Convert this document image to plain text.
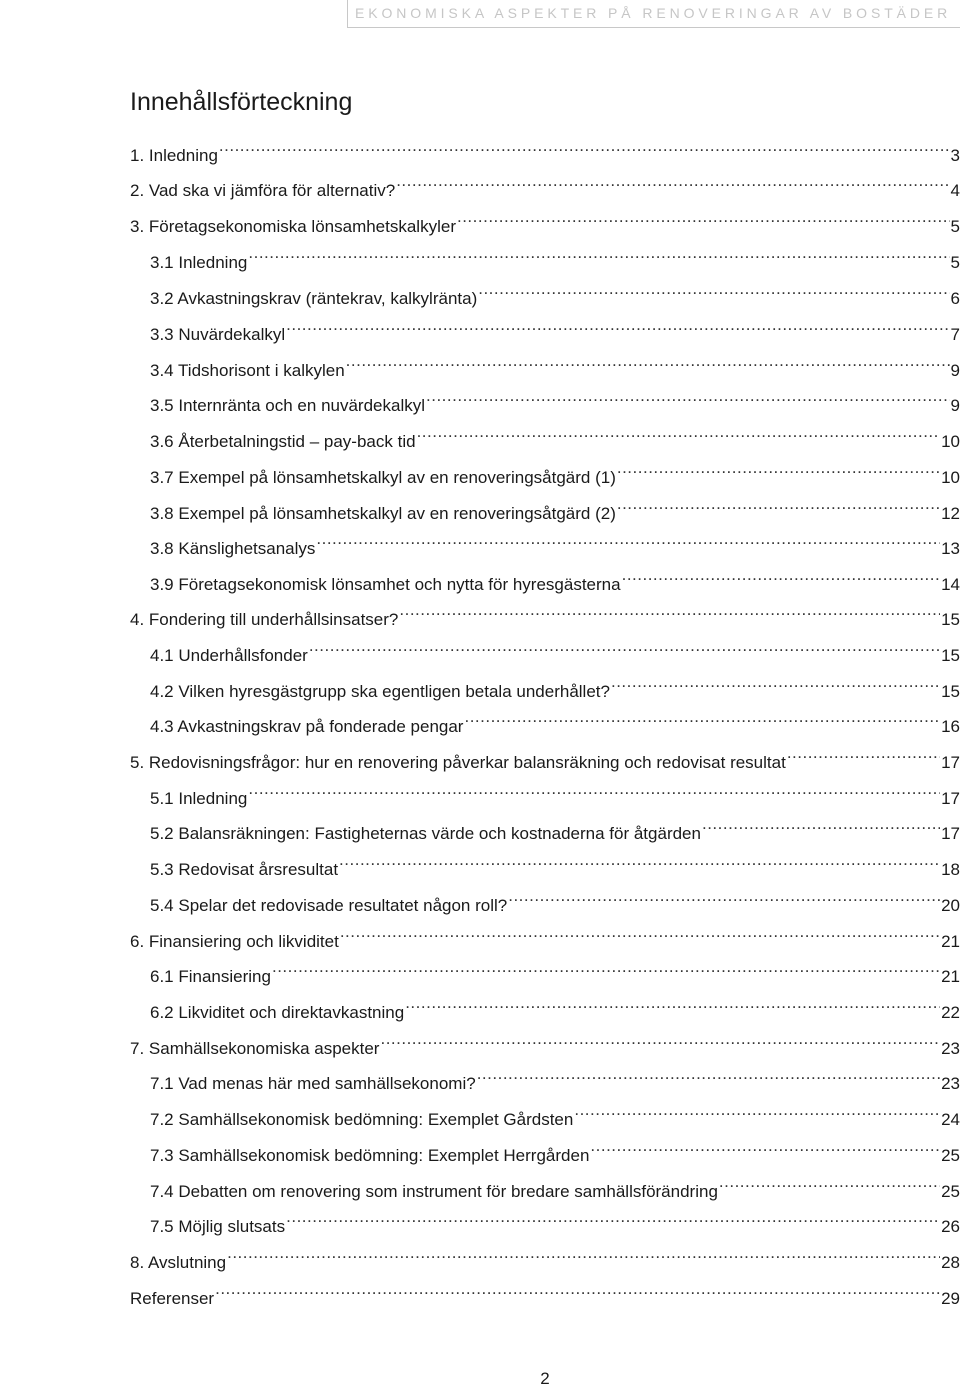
EKONOMISKA ASPEKTER PÅ RENOVERINGAR AV BOSTÄDER
Innehållsförteckning
1. Inledning .....	3
2. Vad ska vi jämföra för alternativ? .....	4
3. Företagsekonomiska lönsamhetskalkyler .....	5
3.1 Inledning .....	5
3.2 Avkastningskrav (räntekrav, kalkylränta) .....	6
3.3 Nuvärdekalkyl .....	7
3.4 Tidshorisont i kalkylen .....	9
3.5 Internränta och en nuvärdekalkyl .....	9
3.6 Återbetalningstid – pay-back tid .....	10
3.7 Exempel på lönsamhetskalkyl av en renoveringsåtgärd (1) .....	10
3.8 Exempel på lönsamhetskalkyl av en renoveringsåtgärd (2) .....	12
3.8 Känslighetsanalys .....	13
3.9 Företagsekonomisk lönsamhet och nytta för hyresgästerna .....	14
4. Fondering till underhållsinsatser? .....	15
4.1 Underhållsfonder .....	15
4.2 Vilken hyresgästgrupp ska egentligen betala underhållet? .....	15
4.3 Avkastningskrav på fonderade pengar .....	16
5. Redovisningsfrågor: hur en renovering påverkar balansräkning och redovisat resultat .....	17
5.1 Inledning .....	17
5.2 Balansräkningen: Fastigheternas värde och kostnaderna för åtgärden .....	17
5.3 Redovisat årsresultat .....	18
5.4 Spelar det redovisade resultatet någon roll? .....	20
6. Finansiering och likviditet .....	21
6.1 Finansiering .....	21
6.2 Likviditet och direktavkastning .....	22
7. Samhällsekonomiska aspekter .....	23
7.1 Vad menas här med samhällsekonomi? .....	23
7.2 Samhällsekonomisk bedömning: Exemplet Gårdsten .....	24
7.3 Samhällsekonomisk bedömning: Exemplet Herrgården .....	25
7.4 Debatten om renovering som instrument för bredare samhällsförändring .....	25
7.5 Möjlig slutsats .....	26
8. Avslutning .....	28
Referenser .....	29
2
